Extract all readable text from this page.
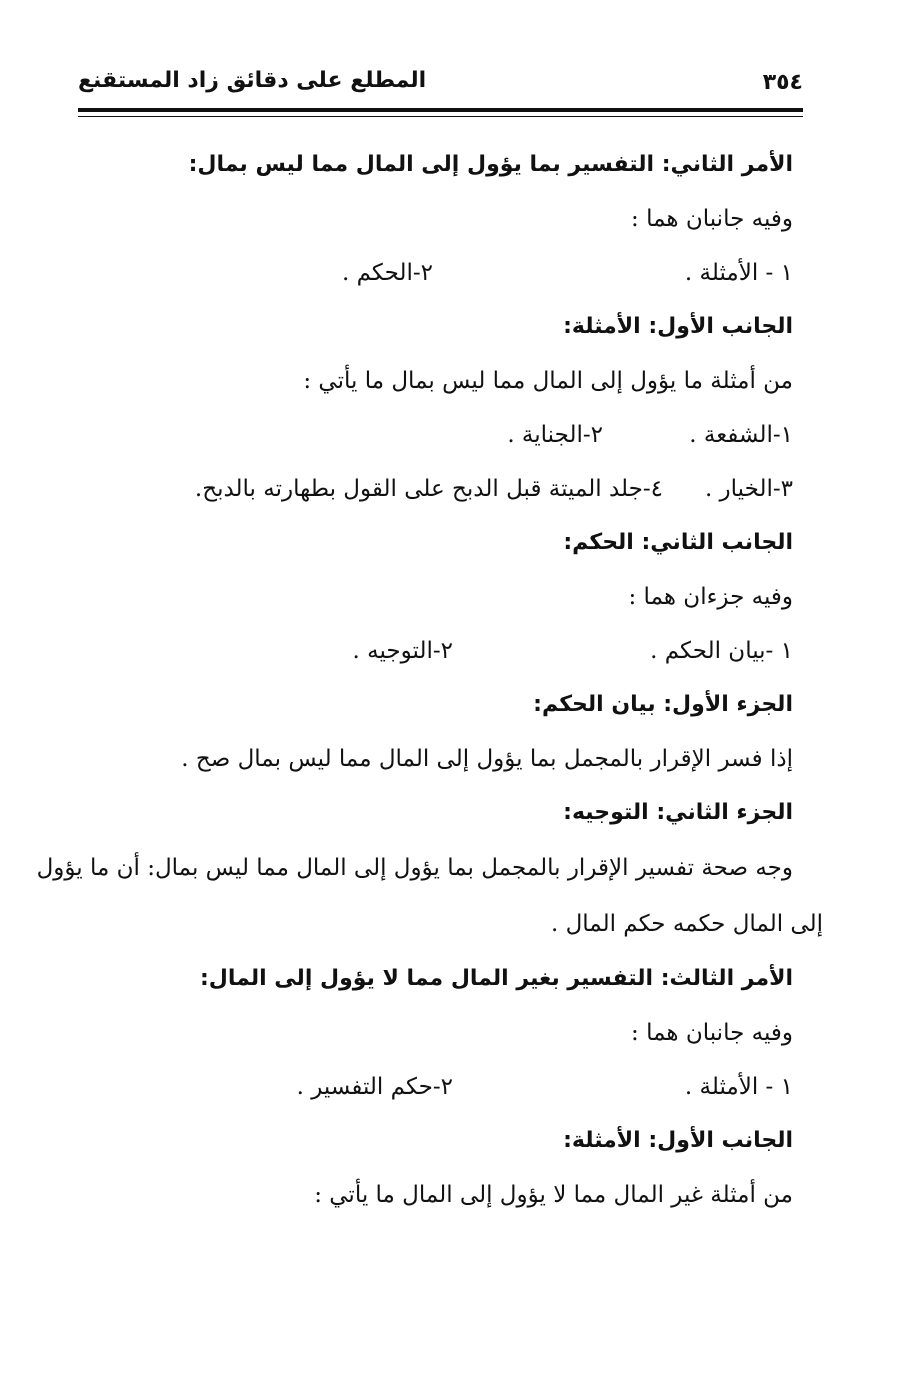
٣٥٤
المطلع على دقائق زاد المستقنع
الأمر الثاني: التفسير بما يؤول إلى المال مما ليس بمال:
وفيه جانبان هما :
١ - الأمثلة .
٢-الحكم .
الجانب الأول: الأمثلة:
من أمثلة ما يؤول إلى المال مما ليس بمال ما يأتي :
١-الشفعة .
٢-الجناية .
٣-الخيار .
٤-جلد الميتة قبل الدبح على القول بطهارته بالدبح.
الجانب الثاني: الحكم:
وفيه جزءان هما :
١ -بيان الحكم .
٢-التوجيه .
الجزء الأول: بيان الحكم:
إذا فسر الإقرار بالمجمل بما يؤول إلى المال مما ليس بمال صح .
الجزء الثاني: التوجيه:
وجه صحة تفسير الإقرار بالمجمل بما يؤول إلى المال مما ليس بمال: أن ما يؤول
إلى المال حكمه حكم المال .
الأمر الثالث: التفسير بغير المال مما لا يؤول إلى المال:
وفيه جانبان هما :
١ - الأمثلة .
٢-حكم التفسير .
الجانب الأول: الأمثلة:
من أمثلة غير المال مما لا يؤول إلى المال ما يأتي :
